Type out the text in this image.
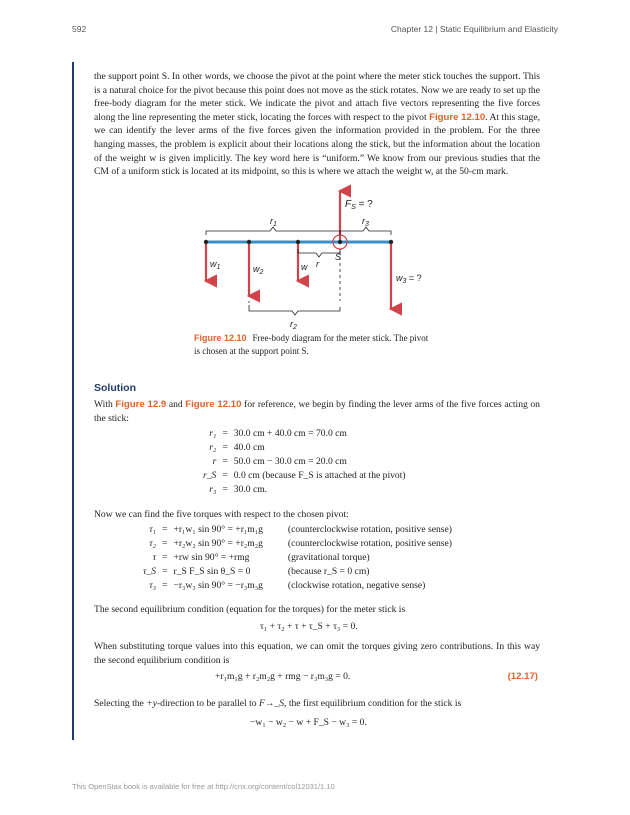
592	Chapter 12 | Static Equilibrium and Elasticity

the support point S. In other words, we choose the pivot at the point where the meter stick touches the support. This is a natural choice for the pivot because this point does not move as the stick rotates. Now we are ready to set up the free-body diagram for the meter stick. We indicate the pivot and attach five vectors representing the five forces along the line representing the meter stick, locating the forces with respect to the pivot Figure 12.10. At this stage, we can identify the lever arms of the five forces given the information provided in the problem. For the three hanging masses, the problem is explicit about their locations along the stick, but the information about the location of the weight w is given implicitly. The key word here is “uniform.” We know from our previous studies that the CM of a uniform stick is located at its midpoint, so this is where we attach the weight w, at the 50-cm mark.

$F_S$ = ?
$r_1$	$r_3$
r
S
$w_1$	$w_2$
w
$w_3$ = ?
$r_2$
Figure 12.10 Free-body diagram for the meter stick. The pivot is chosen at the support point S.
Solution

With Figure 12.9 and Figure 12.10 for reference, we begin by finding the lever arms of the five forces acting on the stick:

r₁	=	30.0 cm + 40.0 cm = 70.0 cm
r₂	=	40.0 cm
r	=	50.0 cm − 30.0 cm = 20.0 cm
r_S	=	0.0 cm (because F_S is attached at the pivot)
r₃	=	30.0 cm.

Now we can find the five torques with respect to the chosen pivot:

τ₁	=	+r₁w₁ sin 90° = +r₁m₁g	(counterclockwise rotation, positive sense)
τ₂	=	+r₂w₂ sin 90° = +r₂m₂g	(counterclockwise rotation, positive sense)
τ	=	+rw sin 90° = +rmg	(gravitational torque)
τ_S	=	r_S F_S sin θ_S = 0	(because r_S = 0 cm)
τ₃	=	−r₃w₃ sin 90° = −r₃m₃g	(clockwise rotation, negative sense)

The second equilibrium condition (equation for the torques) for the meter stick is

τ₁ + τ₂ + τ + τ_S + τ₃ = 0.

When substituting torque values into this equation, we can omit the torques giving zero contributions. In this way the second equilibrium condition is

+r₁m₁g + r₂m₂g + rmg − r₃m₃g = 0.	(12.17)

Selecting the +y-direction to be parallel to F→_S, the first equilibrium condition for the stick is

−w₁ − w₂ − w + F_S − w₃ = 0.
This OpenStax book is available for free at http://cnx.org/content/col12031/1.10
